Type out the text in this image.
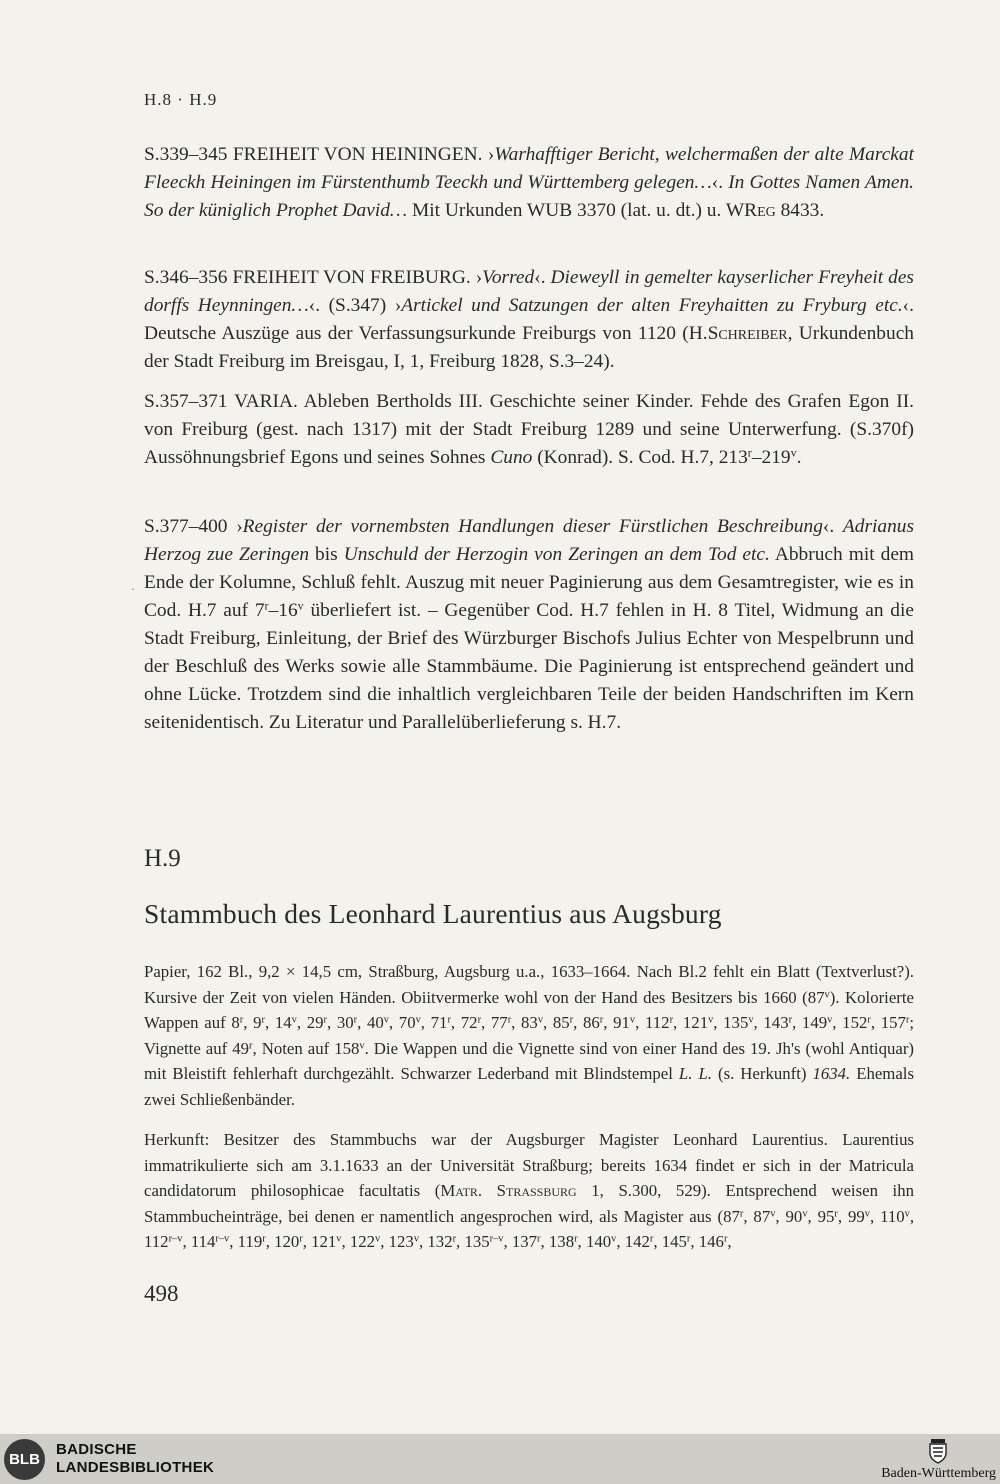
H.8 · H.9

S.339–345 FREIHEIT VON HEININGEN. ›Warhafftiger Bericht, welchermaßen der alte Marckat Fleeckh Heiningen im Fürstenthumb Teeckh und Württemberg gelegen…‹. In Gottes Namen Amen. So der küniglich Prophet David… Mit Urkunden WUB 3370 (lat. u. dt.) u. WReg 8433.

S.346–356 FREIHEIT VON FREIBURG. ›Vorred‹. Dieweyll in gemelter kayserlicher Freyheit des dorffs Heynningen…‹. (S.347) ›Artickel und Satzungen der alten Freyhaitten zu Fryburg etc.‹. Deutsche Auszüge aus der Verfassungsurkunde Freiburgs von 1120 (H.Schreiber, Urkundenbuch der Stadt Freiburg im Breisgau, I, 1, Freiburg 1828, S.3–24).

S.357–371 VARIA. Ableben Bertholds III. Geschichte seiner Kinder. Fehde des Grafen Egon II. von Freiburg (gest. nach 1317) mit der Stadt Freiburg 1289 und seine Unterwerfung. (S.370f) Aussöhnungsbrief Egons und seines Sohnes Cuno (Konrad). S. Cod. H.7, 213$^r$–219$^v$.

S.377–400 ›Register der vornembsten Handlungen dieser Fürstlichen Beschreibung‹. Adrianus Herzog zue Zeringen bis Unschuld der Herzogin von Zeringen an dem Tod etc. Abbruch mit dem Ende der Kolumne, Schluß fehlt. Auszug mit neuer Paginierung aus dem Gesamtregister, wie es in Cod. H.7 auf 7$^r$–16$^v$ überliefert ist. – Gegenüber Cod. H.7 fehlen in H. 8 Titel, Widmung an die Stadt Freiburg, Einleitung, der Brief des Würzburger Bischofs Julius Echter von Mespelbrunn und der Beschluß des Werks sowie alle Stammbäume. Die Paginierung ist entsprechend geändert und ohne Lücke. Trotzdem sind die inhaltlich vergleichbaren Teile der beiden Handschriften im Kern seitenidentisch. Zu Literatur und Parallelüberlieferung s. H.7.

·
H.9
Stammbuch des Leonhard Laurentius aus Augsburg

Papier, 162 Bl., 9,2 × 14,5 cm, Straßburg, Augsburg u.a., 1633–1664. Nach Bl.2 fehlt ein Blatt (Textverlust?). Kursive der Zeit von vielen Händen. Obiitvermerke wohl von der Hand des Besitzers bis 1660 (87$^v$). Kolorierte Wappen auf 8$^r$, 9$^r$, 14$^v$, 29$^r$, 30$^r$, 40$^v$, 70$^v$, 71$^r$, 72$^r$, 77$^r$, 83$^v$, 85$^r$, 86$^r$, 91$^v$, 112$^r$, 121$^v$, 135$^v$, 143$^r$, 149$^v$, 152$^r$, 157$^r$; Vignette auf 49$^r$, Noten auf 158$^v$. Die Wappen und die Vignette sind von einer Hand des 19. Jh's (wohl Antiquar) mit Bleistift fehlerhaft durchgezählt. Schwarzer Lederband mit Blindstempel L. L. (s. Herkunft) 1634. Ehemals zwei Schließenbänder.

Herkunft: Besitzer des Stammbuchs war der Augsburger Magister Leonhard Laurentius. Laurentius immatrikulierte sich am 3.1.1633 an der Universität Straßburg; bereits 1634 findet er sich in der Matricula candidatorum philosophicae facultatis (Matr. Strassburg 1, S.300, 529). Entsprechend weisen ihn Stammbucheinträge, bei denen er namentlich angesprochen wird, als Magister aus (87$^r$, 87$^v$, 90$^v$, 95$^r$, 99$^v$, 110$^v$, 112$^{r-v}$, 114$^{r-v}$, 119$^r$, 120$^r$, 121$^v$, 122$^v$, 123$^v$, 132$^r$, 135$^{r-v}$, 137$^r$, 138$^r$, 140$^v$, 142$^r$, 145$^r$, 146$^r$,

498
BLB
BADISCHE
LANDESBIBLIOTHEK	Baden-Württemberg
